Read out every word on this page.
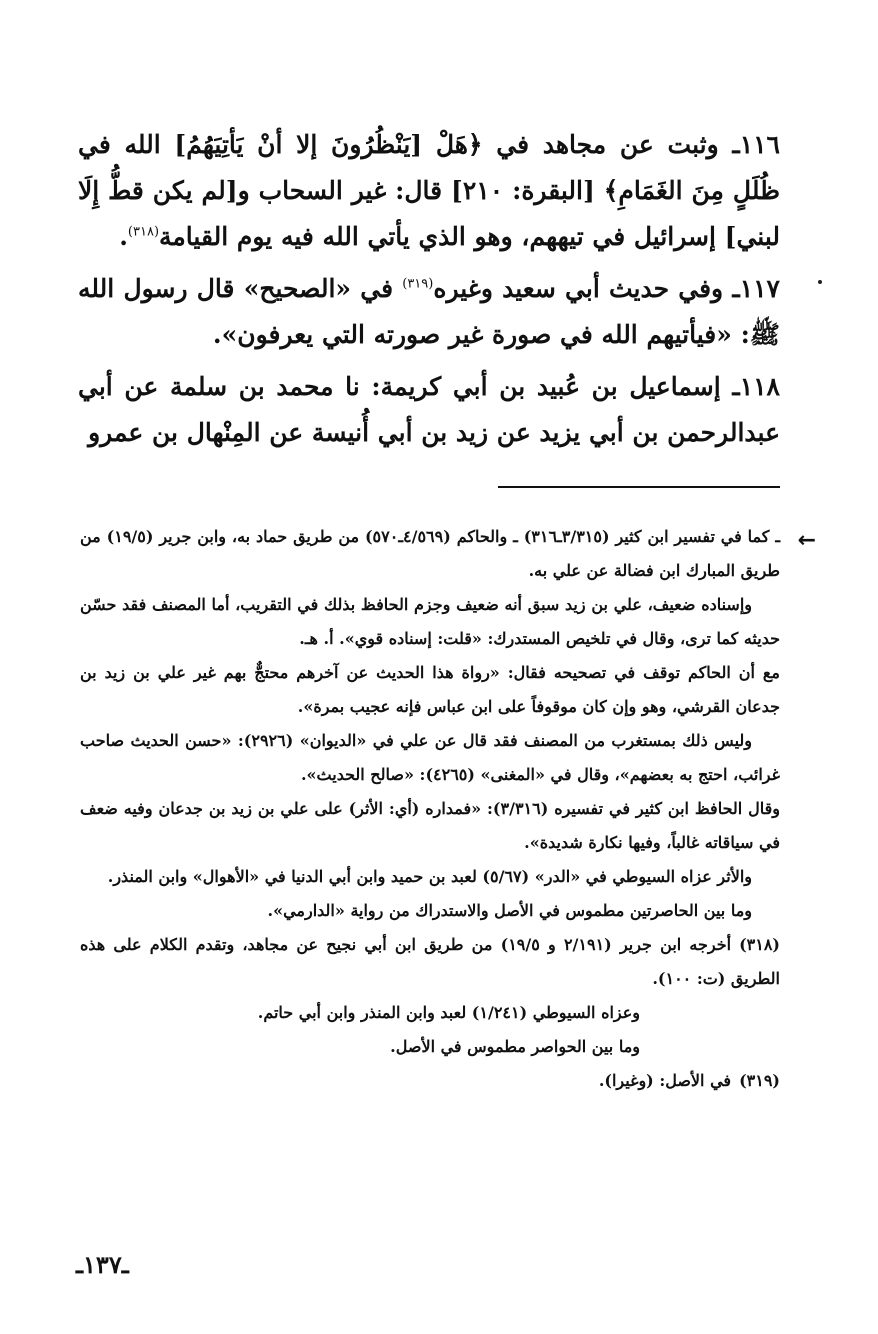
١١٦ـ وثبت عن مجاهد في ﴿هَلْ [يَنْظُرُونَ إلا أنْ يَأتِيَهُمُ] الله في ظُلَلٍ مِنَ الغَمَامِ﴾ [البقرة: ٢١٠] قال: غير السحاب و[لم يكن قطُّ إِلَا لبني] إسرائيل في تيههم، وهو الذي يأتي الله فيه يوم القيامة$^{(٣١٨)}$.

١١٧ـ وفي حديث أبي سعيد وغيره$^{(٣١٩)}$ في «الصحيح» قال رسول الله ﷺ: «فيأتيهم الله في صورة غير صورته التي يعرفون».

١١٨ـ إسماعيل بن عُبيد بن أبي كريمة: نا محمد بن سلمة عن أبي عبدالرحمن بن أبي يزيد عن زيد بن أبي أُنيسة عن المِنْهال بن عمرو

←

ـ كما في تفسير ابن كثير (٣/٣١٥ـ٣١٦) ـ والحاكم (٤/٥٦٩ـ٥٧٠) من طريق حماد به، وابن جرير (١٩/٥) من طريق المبارك ابن فضالة عن علي به.

وإسناده ضعيف، علي بن زيد سبق أنه ضعيف وجزم الحافظ بذلك في التقريب، أما المصنف فقد حسّن حديثه كما ترى، وقال في تلخيص المستدرك: «قلت: إسناده قوي». أ. هـ.

مع أن الحاكم توقف في تصحيحه فقال: «رواة هذا الحديث عن آخرهم محتجٌّ بهم غير علي بن زيد بن جدعان القرشي، وهو وإن كان موقوفاً على ابن عباس فإنه عجيب بمرة».

وليس ذلك بمستغرب من المصنف فقد قال عن علي في «الديوان» (٢٩٢٦): «حسن الحديث صاحب غرائب، احتج به بعضهم»، وقال في «المغنى» (٤٢٦٥): «صالح الحديث».

وقال الحافظ ابن كثير في تفسيره (٣/٣١٦): «فمداره (أي: الأثر) على علي بن زيد بن جدعان وفيه ضعف في سياقاته غالباً، وفيها نكارة شديدة».

والأثر عزاه السيوطي في «الدر» (٥/٦٧) لعبد بن حميد وابن أبي الدنيا في «الأهوال» وابن المنذر.

وما بين الحاصرتين مطموس في الأصل والاستدراك من رواية «الدارمي».

(٣١٨)أخرجه ابن جرير (٢/١٩١ و ١٩/٥) من طريق ابن أبي نجيح عن مجاهد، وتقدم الكلام على هذه الطريق (ت: ١٠٠).

وعزاه السيوطي (١/٢٤١) لعبد وابن المنذر وابن أبي حاتم.

وما بين الحواصر مطموس في الأصل.

(٣١٩)في الأصل: (وغيرا).

ـ١٣٧ـ
